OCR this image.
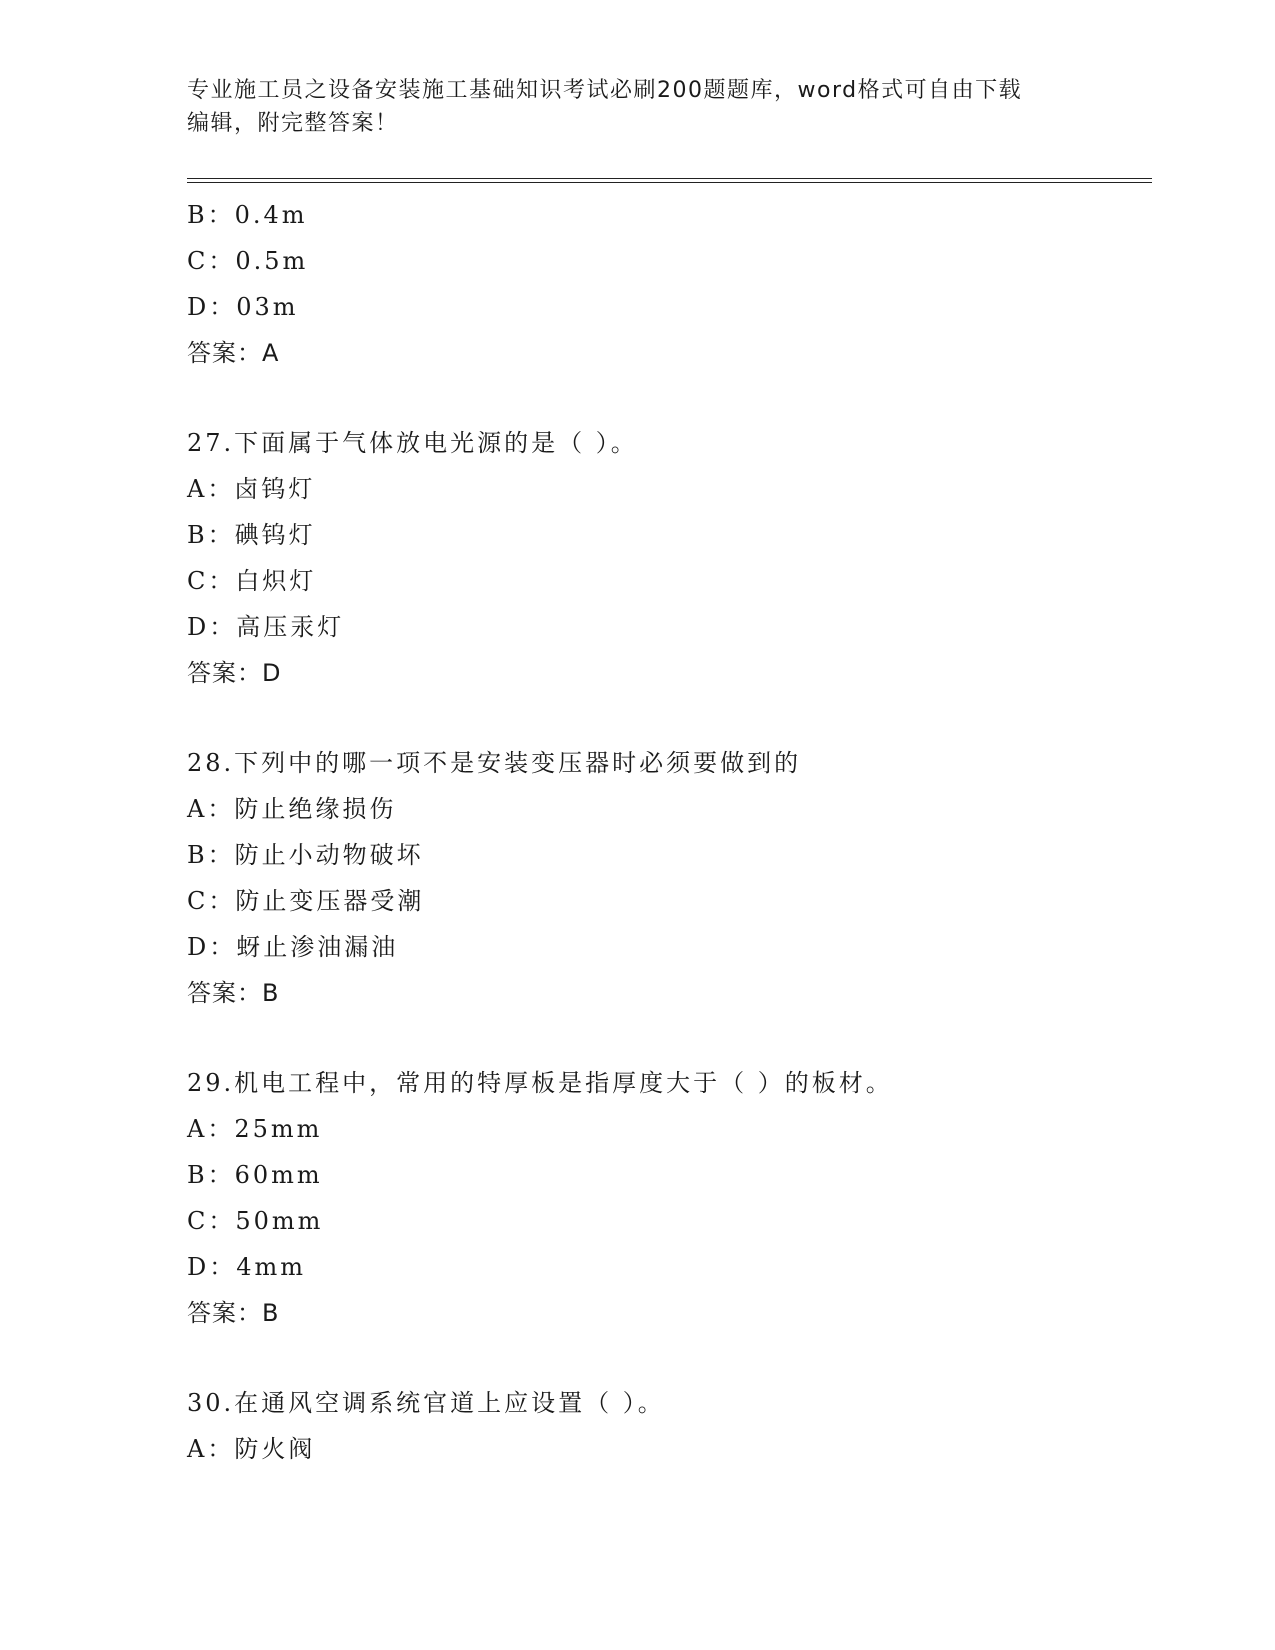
专业施工员之设备安装施工基础知识考试必刷200题题库，word格式可自由下载
编辑，附完整答案！
B：0.4m
C：0.5m
D：03m
答案：A
27.下面属于气体放电光源的是（ ）。
A：卤钨灯
B：碘钨灯
C：白炽灯
D：高压汞灯
答案：D
28.下列中的哪一项不是安装变压器时必须要做到的
A：防止绝缘损伤
B：防止小动物破坏
C：防止变压器受潮
D：蚜止渗油漏油
答案：B
29.机电工程中，常用的特厚板是指厚度大于（ ）的板材。
A：25mm
B：60mm
C：50mm
D：4mm
答案：B
30.在通风空调系统官道上应设置（ ）。
A：防火阀
